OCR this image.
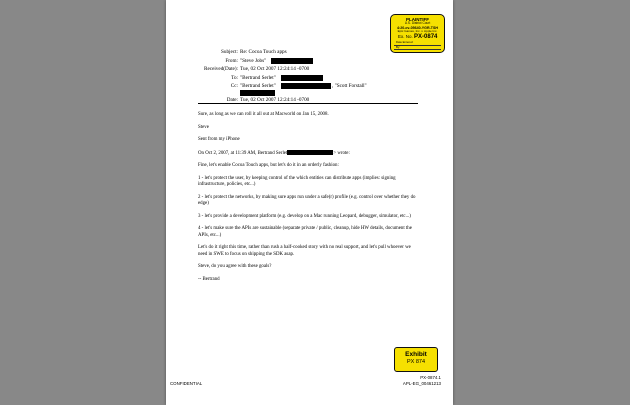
PLAINTIFF
U.S. District Court
4:20-cv-05640-YGR-TSH
Epic Games, Inc. v. Apple Inc.
Ex. No. PX-0874
Date Entered:
By:
Subject: Re: Cocoa Touch apps
From: "Steve Jobs"
Received(Date): Tue, 02 Oct 2007 12:24:14 -0700
To: "Bertrand Serlet"
Cc: "Bertrand Serlet"	, "Scott Forstall"
Date: Tue, 02 Oct 2007 12:24:14 -0700

Sure, as long as we can roll it all out at Macworld on Jan 15, 2008.

Steve

Sent from my iPhone

On Oct 2, 2007, at 11:39 AM, Bertrand Serlet	> wrote:

Fine, let's enable Cocoa Touch apps, but let's do it in an orderly fashion:

1 - let's protect the user, by keeping control of the which entities can distribute apps (implies: signing infrastructure, policies, etc...)

2 - let's protect the networks, by making sure apps run under a safe(r) profile (e.g. control over whether they do edge)

3 - let's provide a development platform (e.g. develop on a Mac running Leopard, debugger, simulator, etc...)

4 - let's make sure the APIs are sustainable (separate private / public, cleanup, hide HW details, document the APIs, etc...)

Let's do it right this time, rather than rush a half-cooked story with no real support, and let's pull whoever we need in SWE to focus on shipping the SDK asap.

Steve, do you agree with these goals?

-- Bertrand

Exhibit
PX 874
CONFIDENTIAL
PX-0874.1
APL-EG_00461213
